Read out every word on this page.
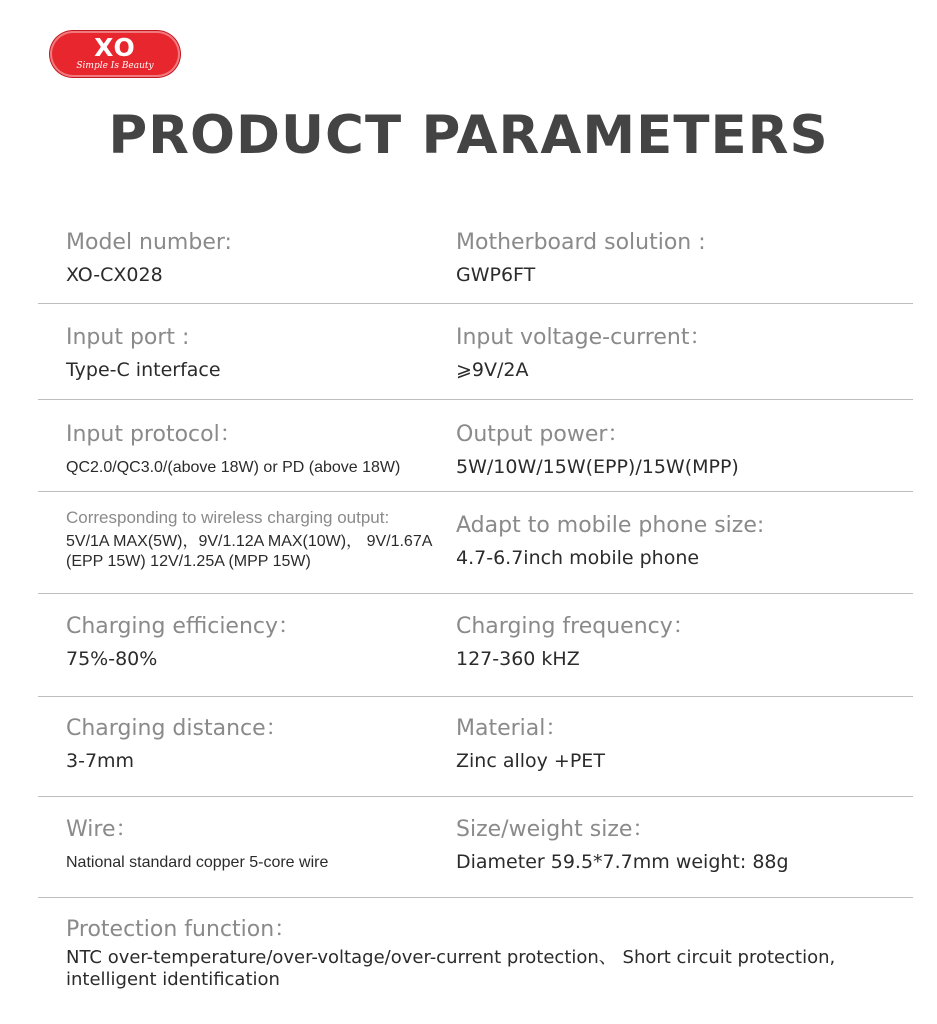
XO
Simple Is Beauty
PRODUCT PARAMETERS
Model number:
XO-CX028
Motherboard solution :
GWP6FT
Input port :
Type-C interface
Input voltage-current：
⩾9V/2A
Input protocol：
QC2.0/QC3.0/(above 18W) or PD (above 18W)
Output power：
5W/10W/15W(EPP)/15W(MPP)
Corresponding to wireless charging output:
5V/1A MAX(5W)，9V/1.12A MAX(10W)， 9V/1.67A (EPP 15W) 12V/1.25A (MPP 15W)
Adapt to mobile phone size:
4.7-6.7inch mobile phone
Charging efficiency：
75%-80%
Charging frequency：
127-360 kHZ
Charging distance：
3-7mm
Material：
Zinc alloy +PET
Wire：
National standard copper 5-core wire
Size/weight size：
Diameter 59.5*7.7mm weight: 88g
Protection function：
NTC over-temperature/over-voltage/over-current protection、 Short circuit protection, intelligent identification
